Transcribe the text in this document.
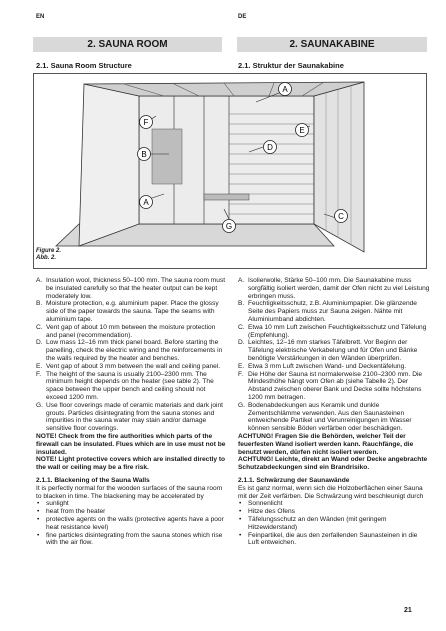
EN	DE
2. SAUNA ROOM	2. SAUNAKABINE
2.1. Sauna Room Structure	2.1. Struktur der Saunakabine
A
B
C
D
E
F
G
A
Figure 2.
Abb. 2.

A. Insulation wool, thickness 50–100 mm. The sauna room must be insulated carefully so that the heater output can be kept moderately low.

B. Moisture protection, e.g. aluminium paper. Place the glossy side of the paper towards the sauna. Tape the seams with aluminium tape.

C. Vent gap of about 10 mm between the moisture protection and panel (recommendation).

D. Low mass 12–16 mm thick panel board. Before starting the panelling, check the electric wiring and the reinforcements in the walls required by the heater and benches.

E. Vent gap of about 3 mm between the wall and ceiling panel.

F. The height of the sauna is usually 2100–2300 mm. The minimum height depends on the heater (see table 2). The space between the upper bench and ceiling should not exceed 1200 mm.

G. Use floor coverings made of ceramic materials and dark joint grouts. Particles disintegrating from the sauna stones and impurities in the sauna water may stain and/or damage sensitive floor coverings.

NOTE! Check from the fire authorities which parts of the firewall can be insulated. Flues which are in use must not be insulated.

NOTE! Light protective covers which are installed directly to the wall or ceiling may be a fire risk.

2.1.1. Blackening of the Sauna Walls

It is perfectly normal for the wooden surfaces of the sauna room to blacken in time. The blackening may be accelerated by

• sunlight

• heat from the heater

• protective agents on the walls (protective agents have a poor heat resistance level)

• fine particles disintegrating from the sauna stones which rise with the air flow.

A. Isolierwolle, Stärke 50–100 mm. Die Saunakabine muss sorgfältig isoliert werden, damit der Ofen nicht zu viel Leistung erbringen muss.

B. Feuchtigkeitsschutz, z.B. Aluminiumpapier. Die glänzende Seite des Papiers muss zur Sauna zeigen. Nähte mit Aluminiumband abdichten.

C. Etwa 10 mm Luft zwischen Feuchtigkeitsschutz und Täfelung (Empfehlung).

D. Leichtes, 12–16 mm starkes Täfelbrett. Vor Beginn der Täfelung elektrische Verkabelung und für Ofen und Bänke benötigte Verstärkungen in den Wänden überprüfen.

E. Etwa 3 mm Luft zwischen Wand- und Deckentäfelung.

F. Die Höhe der Sauna ist normalerweise 2100–2300 mm. Die Mindesthöhe hängt vom Ofen ab (siehe Tabelle 2). Der Abstand zwischen oberer Bank und Decke sollte höchstens 1200 mm betragen.

G. Bodenabdeckungen aus Keramik und dunkle Zementschlämme verwenden. Aus den Saunasteinen entweichende Partikel und Verunreinigungen im Wasser können sensible Böden verfärben oder beschädigen.

ACHTUNG! Fragen Sie die Behörden, welcher Teil der feuerfesten Wand isoliert werden kann. Rauchfänge, die benutzt werden, dürfen nicht isoliert werden.

ACHTUNG! Leichte, direkt an Wand oder Decke angebrachte Schutzabdeckungen sind ein Brandrisiko.

2.1.1. Schwärzung der Saunawände

Es ist ganz normal, wenn sich die Holzoberflächen einer Sauna mit der Zeit verfärben. Die Schwärzung wird beschleunigt durch

• Sonnenlicht

• Hitze des Ofens

• Täfelungsschutz an den Wänden (mit geringem Hitzewiderstand)

• Feinpartikel, die aus den zerfallenden Saunasteinen in die Luft entweichen.

21
